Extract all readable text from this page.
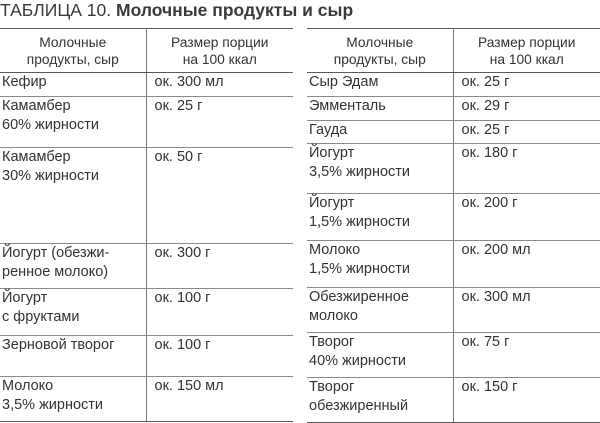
ТАБЛИЦА 10. Молочные продукты и сыр
Молочные
продукты, сыр	Размер порции
на 100 ккал

Кефир	ок. 300 мл

Камамбер
60% жирности	ок. 25 г

Камамбер
30% жирности	ок. 50 г

Йогурт (обезжи-
ренное молоко)	ок. 300 г

Йогурт
с фруктами	ок. 100 г

Зерновой творог	ок. 100 г

Молоко
3,5% жирности	ок. 150 мл
Молочные
продукты, сыр	Размер порции
на 100 ккал

Сыр Эдам	ок. 25 г

Эмменталь	ок. 29 г

Гауда	ок. 25 г

Йогурт
3,5% жирности	ок. 180 г

Йогурт
1,5% жирности	ок. 200 г

Молоко
1,5% жирности	ок. 200 мл

Обезжиренное
молоко	ок. 300 мл

Творог
40% жирности	ок. 75 г

Творог
обезжиренный	ок. 150 г
